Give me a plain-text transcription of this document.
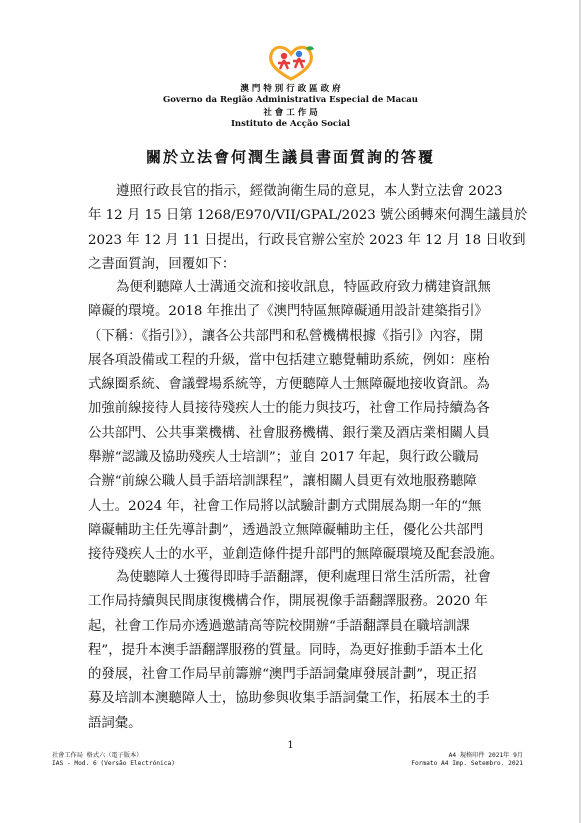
澳 門 特 別 行 政 區 政 府
Governo da Região Administrativa Especial de Macau
社 會 工 作 局
Instituto de Acção Social
關於立法會何潤生議員書面質詢的答覆
遵照行政長官的指示，經徵詢衛生局的意見，本人對立法會 2023
年 12 月 15 日第 1268/E970/VII/GPAL/2023 號公函轉來何潤生議員於
2023 年 12 月 11 日提出，行政長官辦公室於 2023 年 12 月 18 日收到
之書面質詢，回覆如下：
為便利聽障人士溝通交流和接收訊息，特區政府致力構建資訊無
障礙的環境。2018 年推出了《澳門特區無障礙通用設計建築指引》
（下稱：《指引》），讓各公共部門和私營機構根據《指引》內容，開
展各項設備或工程的升級，當中包括建立聽覺輔助系統，例如：座枱
式線圈系統、會議聲場系統等，方便聽障人士無障礙地接收資訊。為
加強前線接待人員接待殘疾人士的能力與技巧，社會工作局持續為各
公共部門、公共事業機構、社會服務機構、銀行業及酒店業相關人員
舉辦“認識及協助殘疾人士培訓”；並自 2017 年起，與行政公職局
合辦“前線公職人員手語培訓課程”，讓相關人員更有效地服務聽障
人士。2024 年，社會工作局將以試驗計劃方式開展為期一年的“無
障礙輔助主任先導計劃”，透過設立無障礙輔助主任，優化公共部門
接待殘疾人士的水平，並創造條件提升部門的無障礙環境及配套設施。
為使聽障人士獲得即時手語翻譯，便利處理日常生活所需，社會
工作局持續與民間康復機構合作，開展視像手語翻譯服務。2020 年
起，社會工作局亦透過邀請高等院校開辦“手語翻譯員在職培訓課
程”，提升本澳手語翻譯服務的質量。同時，為更好推動手語本土化
的發展，社會工作局早前籌辦“澳門手語詞彙庫發展計劃”，現正招
募及培訓本澳聽障人士，協助參與收集手語詞彙工作，拓展本土的手
語詞彙。
1
社會工作局 格式六（電子版本）
IAS - Mod. 6 (Versão Electrónica)
A4 規格印件 2021年 9月
Formato A4 Imp. Setembro. 2021
